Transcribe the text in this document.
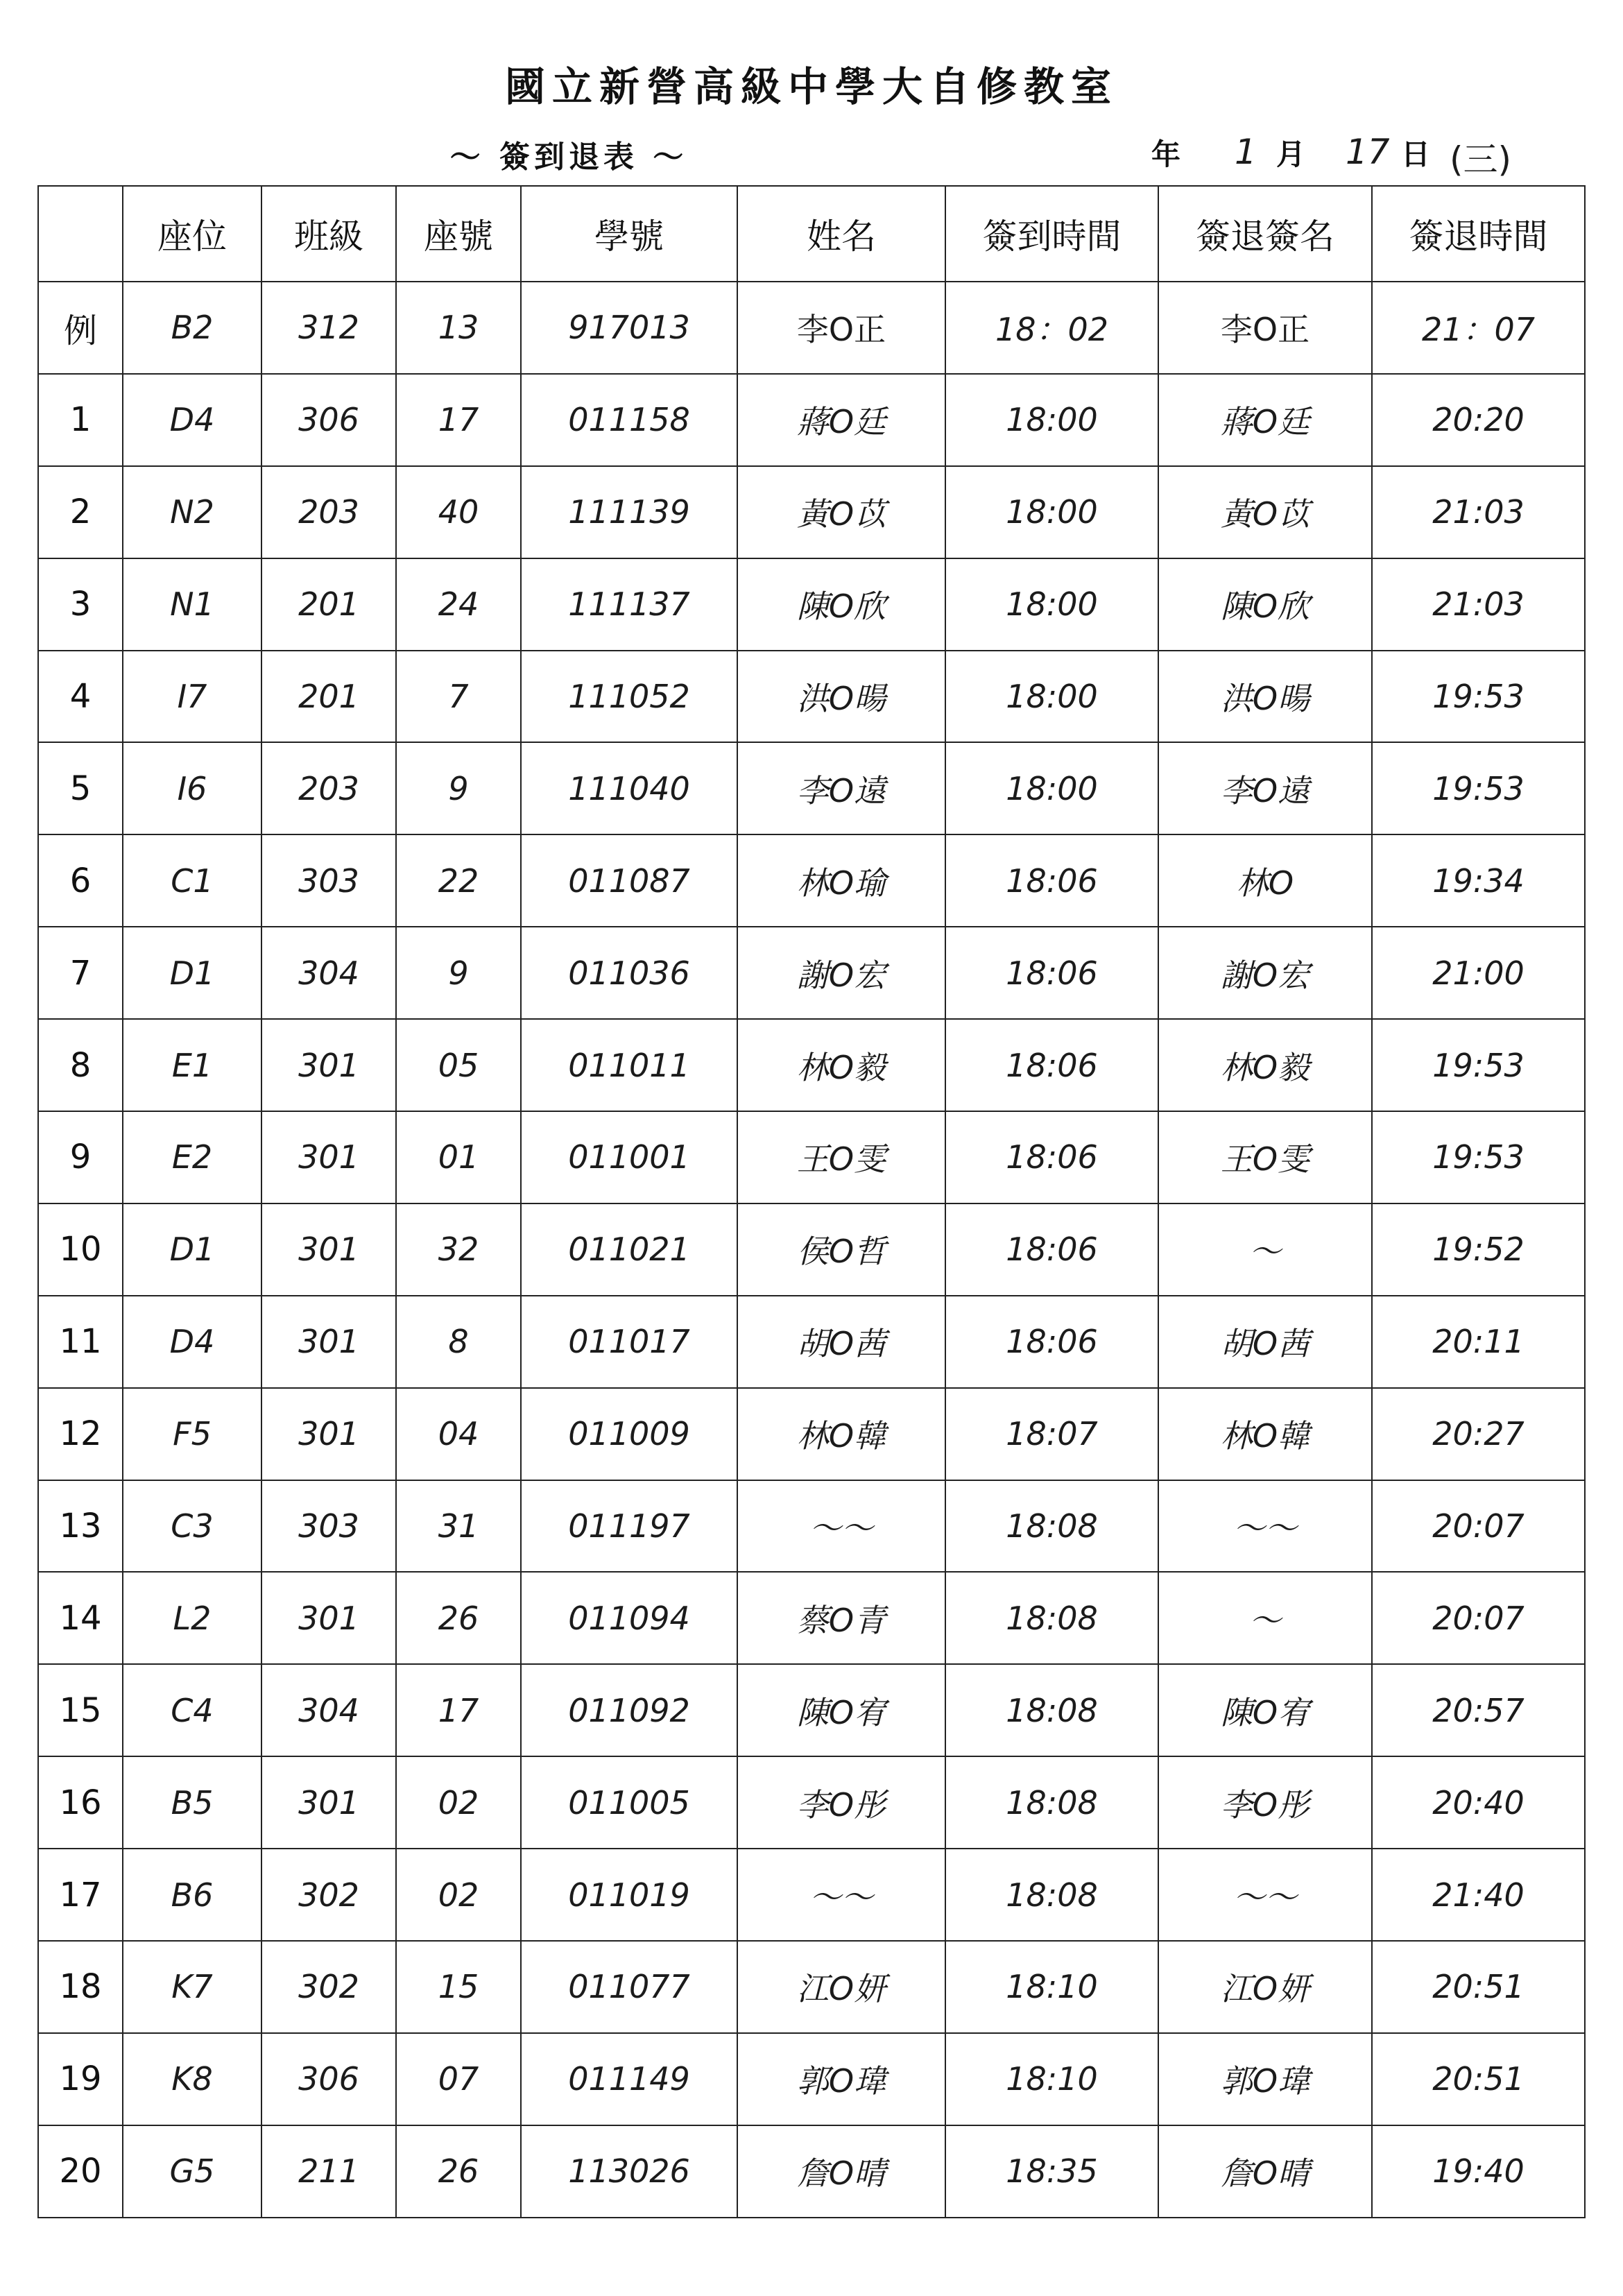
國立新營高級中學大自修教室
〜 簽到退表 〜	年 1 月 17 日 (三)
	座位	班級	座號	學號	姓名	簽到時間	簽退簽名	簽退時間
例	B2	312	13	917013	李O正	18：02	李O正	21：07
1	D4	306	17	011158	蔣O廷	18:00	蔣O廷	20:20
2	N2	203	40	111139	黃O苡	18:00	黃O苡	21:03
3	N1	201	24	111137	陳O欣	18:00	陳O欣	21:03
4	I7	201	7	111052	洪O暘	18:00	洪O暘	19:53
5	I6	203	9	111040	李O遠	18:00	李O遠	19:53
6	C1	303	22	011087	林O瑜	18:06	林O	19:34
7	D1	304	9	011036	謝O宏	18:06	謝O宏	21:00
8	E1	301	05	011011	林O毅	18:06	林O毅	19:53
9	E2	301	01	011001	王O雯	18:06	王O雯	19:53
10	D1	301	32	011021	侯O哲	18:06	〜	19:52
11	D4	301	8	011017	胡O茜	18:06	胡O茜	20:11
12	F5	301	04	011009	林O韓	18:07	林O韓	20:27
13	C3	303	31	011197	〜〜	18:08	〜〜	20:07
14	L2	301	26	011094	蔡O青	18:08	〜	20:07
15	C4	304	17	011092	陳O宥	18:08	陳O宥	20:57
16	B5	301	02	011005	李O彤	18:08	李O彤	20:40
17	B6	302	02	011019	〜〜	18:08	〜〜	21:40
18	K7	302	15	011077	江O妍	18:10	江O妍	20:51
19	K8	306	07	011149	郭O瑋	18:10	郭O瑋	20:51
20	G5	211	26	113026	詹O晴	18:35	詹O晴	19:40
